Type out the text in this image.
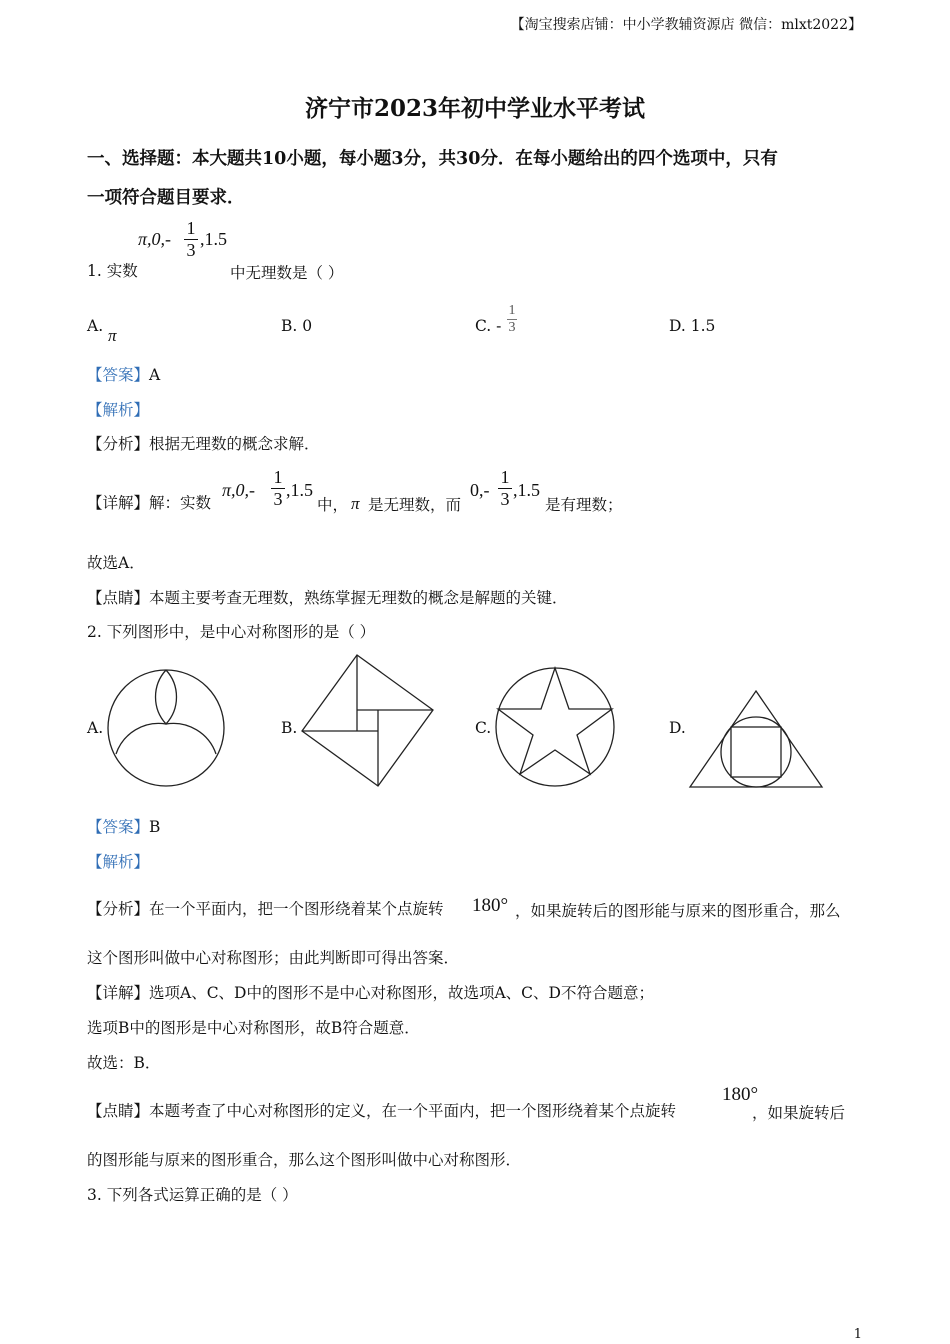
【淘宝搜索店铺：中小学教辅资源店 微信：mlxt2022】
济宁市2023年初中学业水平考试
一、选择题：本大题共10小题，每小题3分，共30分．在每小题给出的四个选项中，只有
一项符合题目要求．
π,0,-
1
3
,1.5
1. 实数	中无理数是（ ）
A. π	B. 0	C. -
1
3	D. 1.5
【答案】A
【解析】
【分析】根据无理数的概念求解．
【详解】解：实数
π,0,-
1
3 ,1.5
中， π 是无理数，而
0,-
1
3 ,1.5
是有理数；
故选A．
【点睛】本题主要考查无理数，熟练掌握无理数的概念是解题的关键．
2. 下列图形中，是中心对称图形的是（ ）
A.	B.	C.	D.
【答案】B
【解析】
【分析】在一个平面内，把一个图形绕着某个点旋转 180° ，如果旋转后的图形能与原来的图形重合，那么
这个图形叫做中心对称图形；由此判断即可得出答案．
【详解】选项A、C、D中的图形不是中心对称图形，故选项A、C、D不符合题意；
选项B中的图形是中心对称图形，故B符合题意．
故选：B．
【点睛】本题考查了中心对称图形的定义，在一个平面内，把一个图形绕着某个点旋转
180°
，如果旋转后
的图形能与原来的图形重合，那么这个图形叫做中心对称图形．
3. 下列各式运算正确的是（ ）
1
